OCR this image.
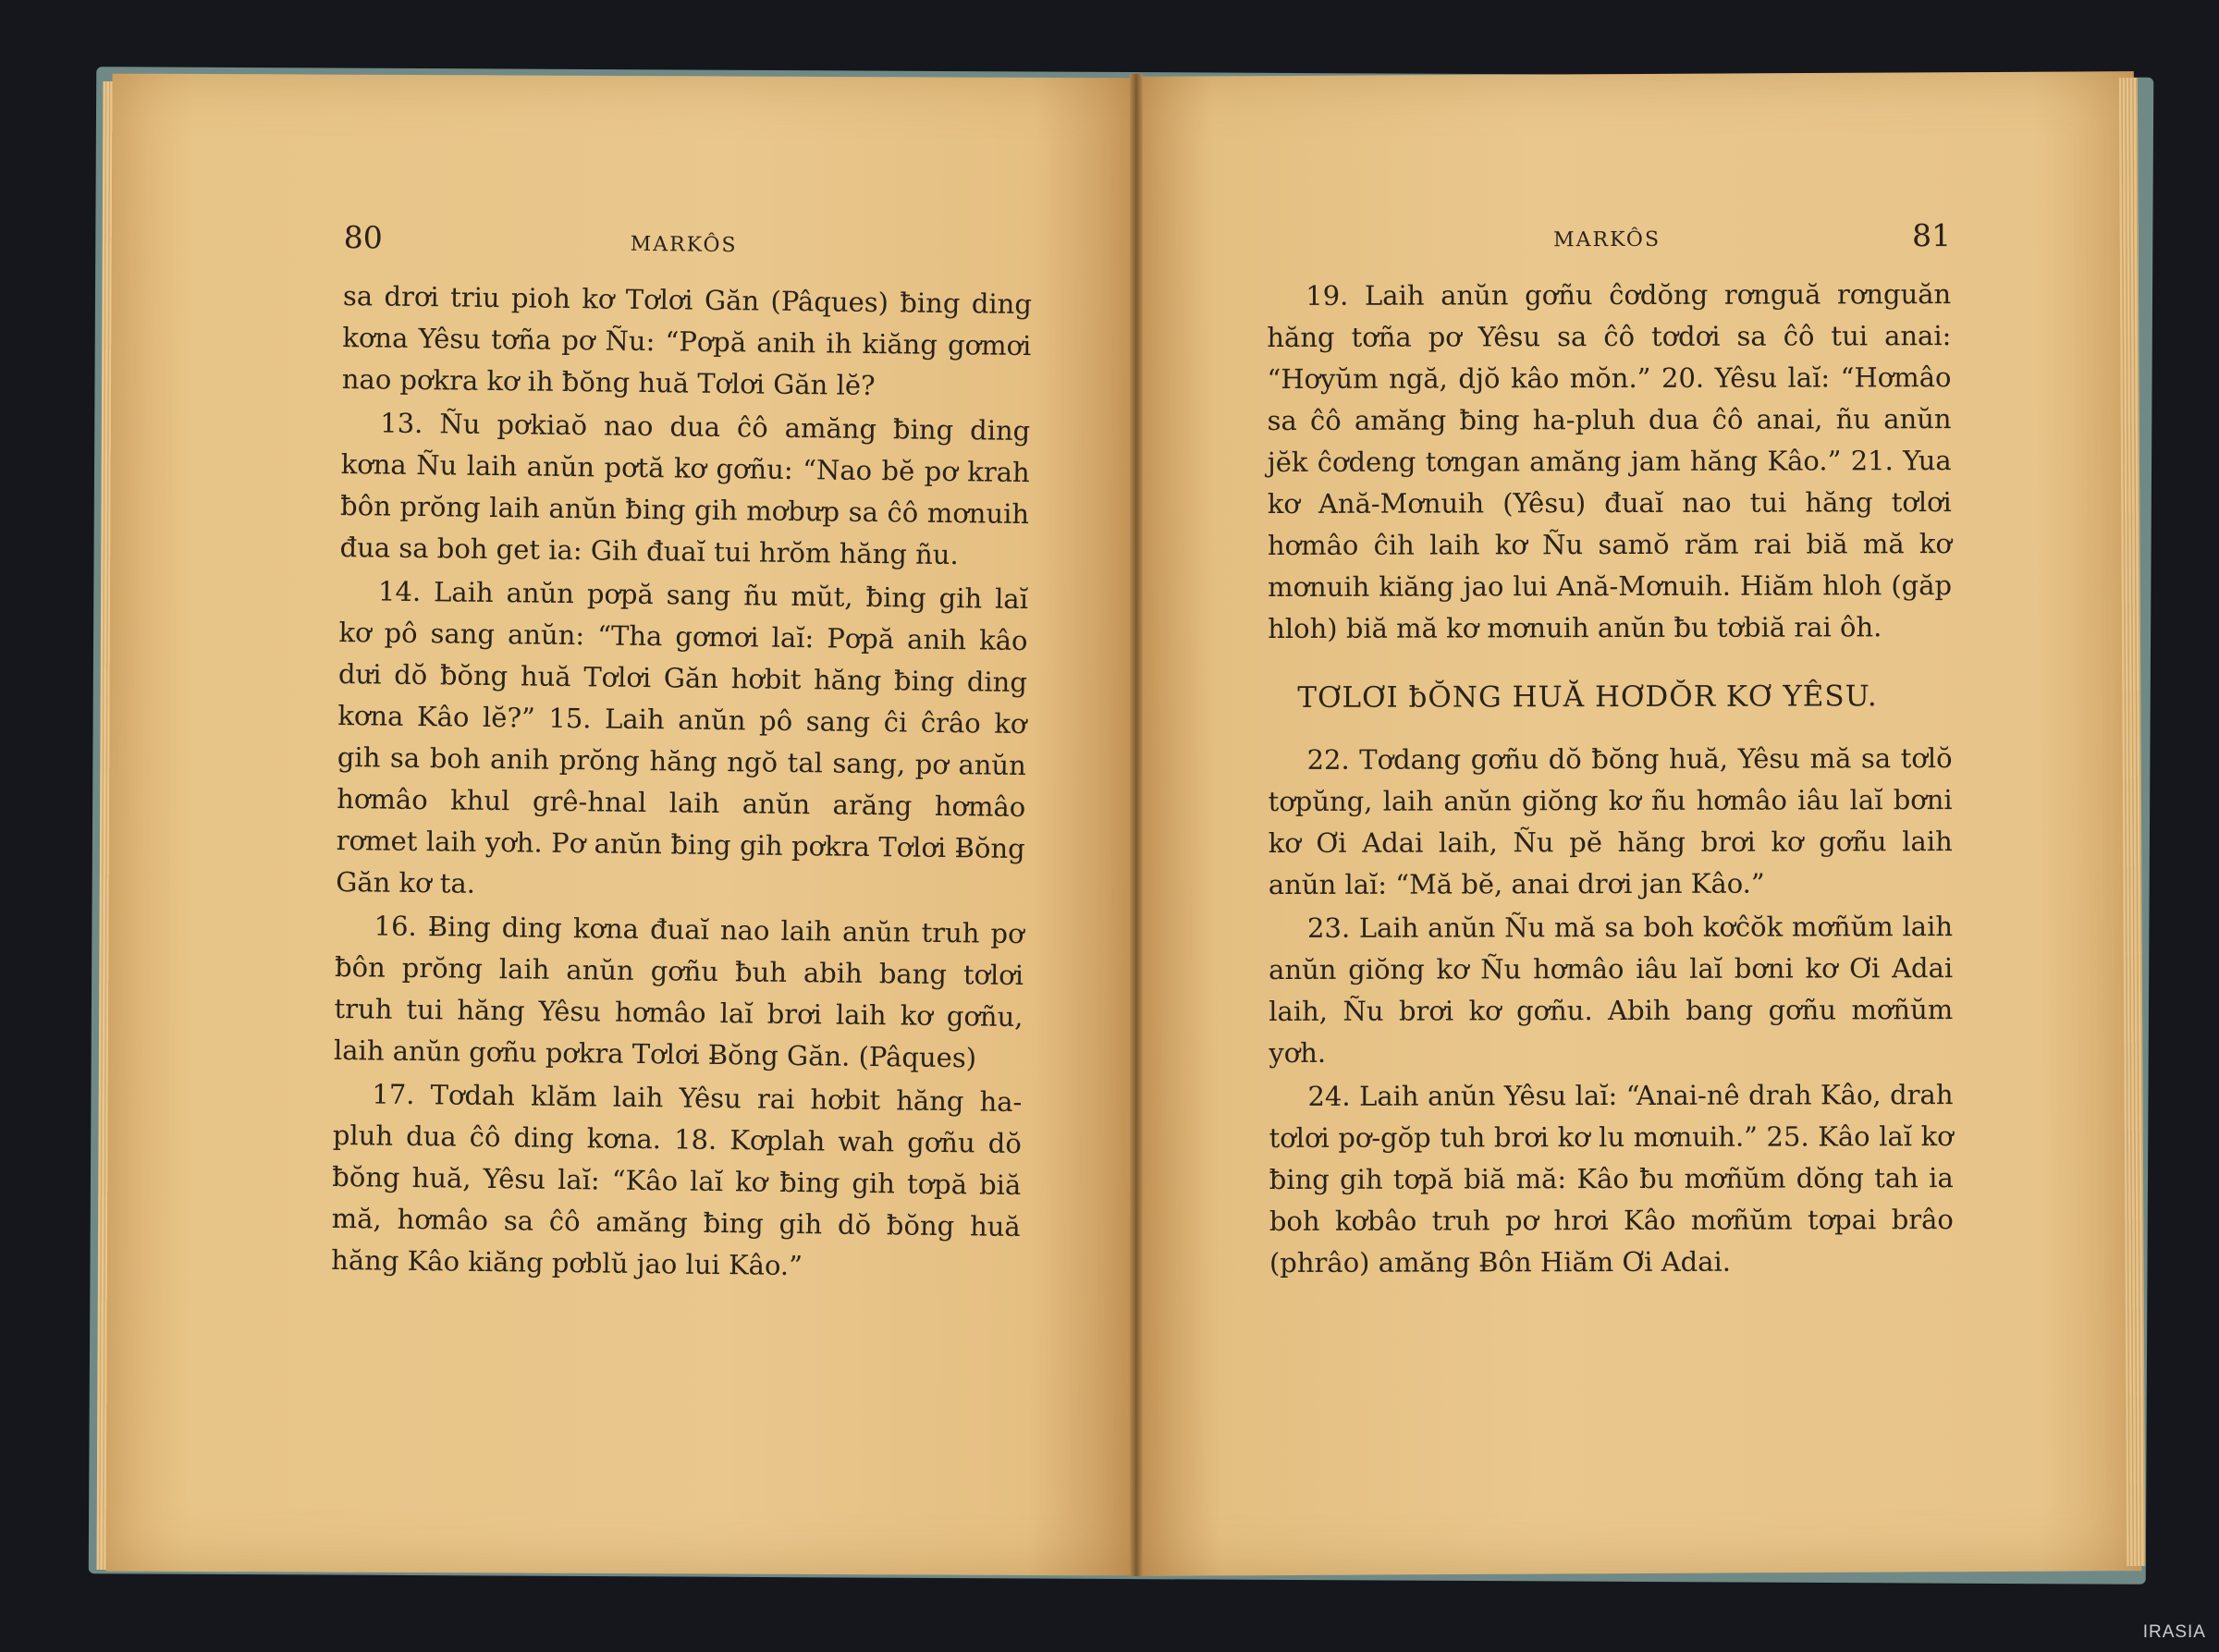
80	MARKÔS

sa drơi triu pioh kơ Tơlơi Găn (Pâques) ƀing ding kơna Yêsu tơña pơ Ñu: “Pơpă anih ih kiăng gơmơi nao pơkra kơ ih ƀŏng huă Tơlơi Găn lĕ?

13. Ñu pơkiaŏ nao dua ĉô amăng ƀing ding kơna Ñu laih anŭn pơtă kơ gơñu: “Nao bĕ pơ krah ƀôn prŏng laih anŭn ƀing gih mơbưp sa ĉô mơnuih đua sa boh get ia: Gih đuaĭ tui hrŏm hăng ñu.

14. Laih anŭn pơpă sang ñu mŭt, ƀing gih laĭ kơ pô sang anŭn: “Tha gơmơi laĭ: Pơpă anih kâo dưi dŏ ƀŏng huă Tơlơi Găn hơbit hăng ƀing ding kơna Kâo lĕ?” 15. Laih anŭn pô sang ĉi ĉrâo kơ gih sa boh anih prŏng hăng ngŏ tal sang, pơ anŭn hơmâo khul grê-hnal laih anŭn arăng hơmâo rơmet laih yơh. Pơ anŭn ƀing gih pơkra Tơlơi Ƀŏng Găn kơ ta.

16. Ƀing ding kơna đuaĭ nao laih anŭn truh pơ ƀôn prŏng laih anŭn gơñu ƀuh abih bang tơlơi truh tui hăng Yêsu hơmâo laĭ brơi laih kơ gơñu, laih anŭn gơñu pơkra Tơlơi Ƀŏng Găn. (Pâques)

17. Tơdah klăm laih Yêsu rai hơbit hăng ha-pluh dua ĉô ding kơna. 18. Kơplah wah gơñu dŏ ƀŏng huă, Yêsu laĭ: “Kâo laĭ kơ ƀing gih tơpă biă mă, hơmâo sa ĉô amăng ƀing gih dŏ ƀŏng huă hăng Kâo kiăng pơblŭ jao lui Kâo.”

MARKÔS	81

19. Laih anŭn gơñu ĉơdŏng rơnguă rơnguăn hăng tơña pơ Yêsu sa ĉô tơdơi sa ĉô tui anai: “Hơyŭm ngă, djŏ kâo mŏn.” 20. Yêsu laĭ: “Hơmâo sa ĉô amăng ƀing ha-pluh dua ĉô anai, ñu anŭn jĕk ĉơdeng tơngan amăng jam hăng Kâo.” 21. Yua kơ Ană-Mơnuih (Yêsu) đuaĭ nao tui hăng tơlơi hơmâo ĉih laih kơ Ñu samŏ răm rai biă mă kơ mơnuih kiăng jao lui Ană-Mơnuih. Hiăm hloh (găp hloh) biă mă kơ mơnuih anŭn ƀu tơbiă rai ôh.

TƠLƠI ƀŎNG HUĂ HƠDŎR KƠ YÊSU.

22. Tơdang gơñu dŏ ƀŏng huă, Yêsu mă sa tơlŏ tơpŭng, laih anŭn giŏng kơ ñu hơmâo iâu laĭ bơni kơ Ơi Adai laih, Ñu pĕ hăng brơi kơ gơñu laih anŭn laĭ: “Mă bĕ, anai drơi jan Kâo.”

23. Laih anŭn Ñu mă sa boh kơĉŏk mơñŭm laih anŭn giŏng kơ Ñu hơmâo iâu laĭ bơni kơ Ơi Adai laih, Ñu brơi kơ gơñu. Abih bang gơñu mơñŭm yơh.

24. Laih anŭn Yêsu laĭ: “Anai-nê drah Kâo, drah tơlơi pơ-gŏp tuh brơi kơ lu mơnuih.” 25. Kâo laĭ kơ ƀing gih tơpă biă mă: Kâo ƀu mơñŭm dŏng tah ia boh kơbâo truh pơ hrơi Kâo mơñŭm tơpai brâo (phrâo) amăng Ƀôn Hiăm Ơi Adai.

IRASIA
